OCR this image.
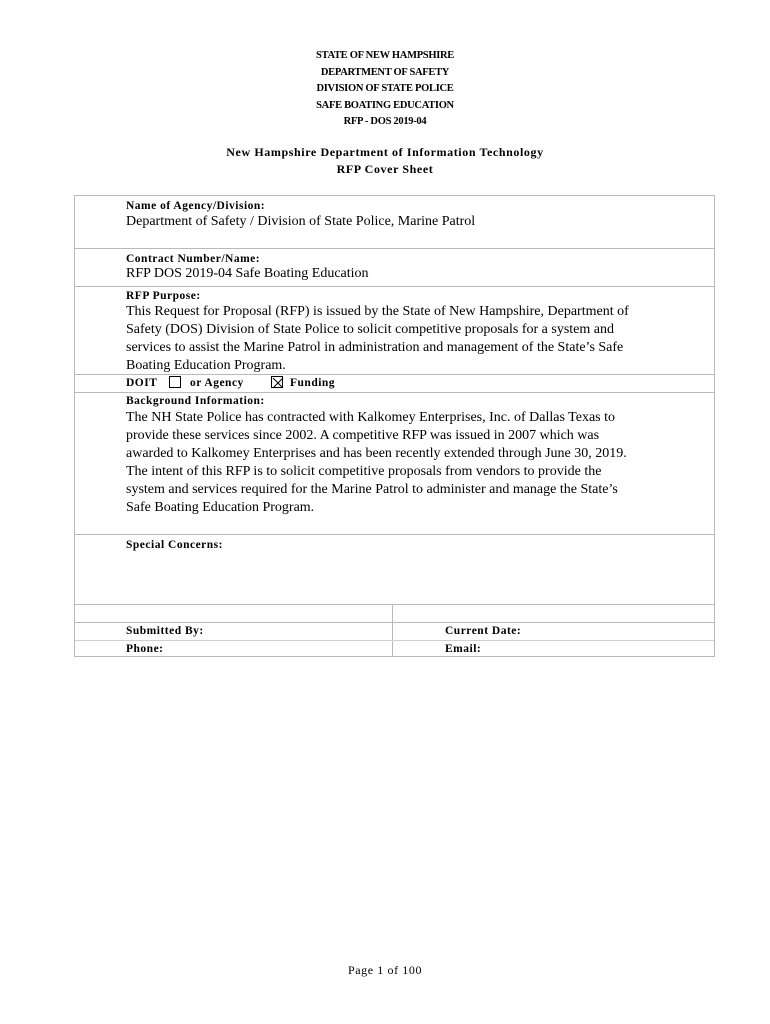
STATE OF NEW HAMPSHIRE
DEPARTMENT OF SAFETY
DIVISION OF STATE POLICE
SAFE BOATING EDUCATION
RFP - DOS 2019-04
New Hampshire Department of Information Technology
RFP Cover Sheet
Name of Agency/Division:
Department of Safety / Division of State Police, Marine Patrol
Contract Number/Name:
RFP DOS 2019-04 Safe Boating Education
RFP Purpose:
This Request for Proposal (RFP) is issued by the State of New Hampshire, Department of
Safety (DOS) Division of State Police to solicit competitive proposals for a system and
services to assist the Marine Patrol in administration and management of the State’s Safe
Boating Education Program.
DOIT	or Agency	Funding
Background Information:
The NH State Police has contracted with Kalkomey Enterprises, Inc. of Dallas Texas to
provide these services since 2002. A competitive RFP was issued in 2007 which was
awarded to Kalkomey Enterprises and has been recently extended through June 30, 2019.
The intent of this RFP is to solicit competitive proposals from vendors to provide the
system and services required for the Marine Patrol to administer and manage the State’s
Safe Boating Education Program.
Special Concerns:
Submitted By:	Current Date:
Phone:	Email:
Page 1 of 100
